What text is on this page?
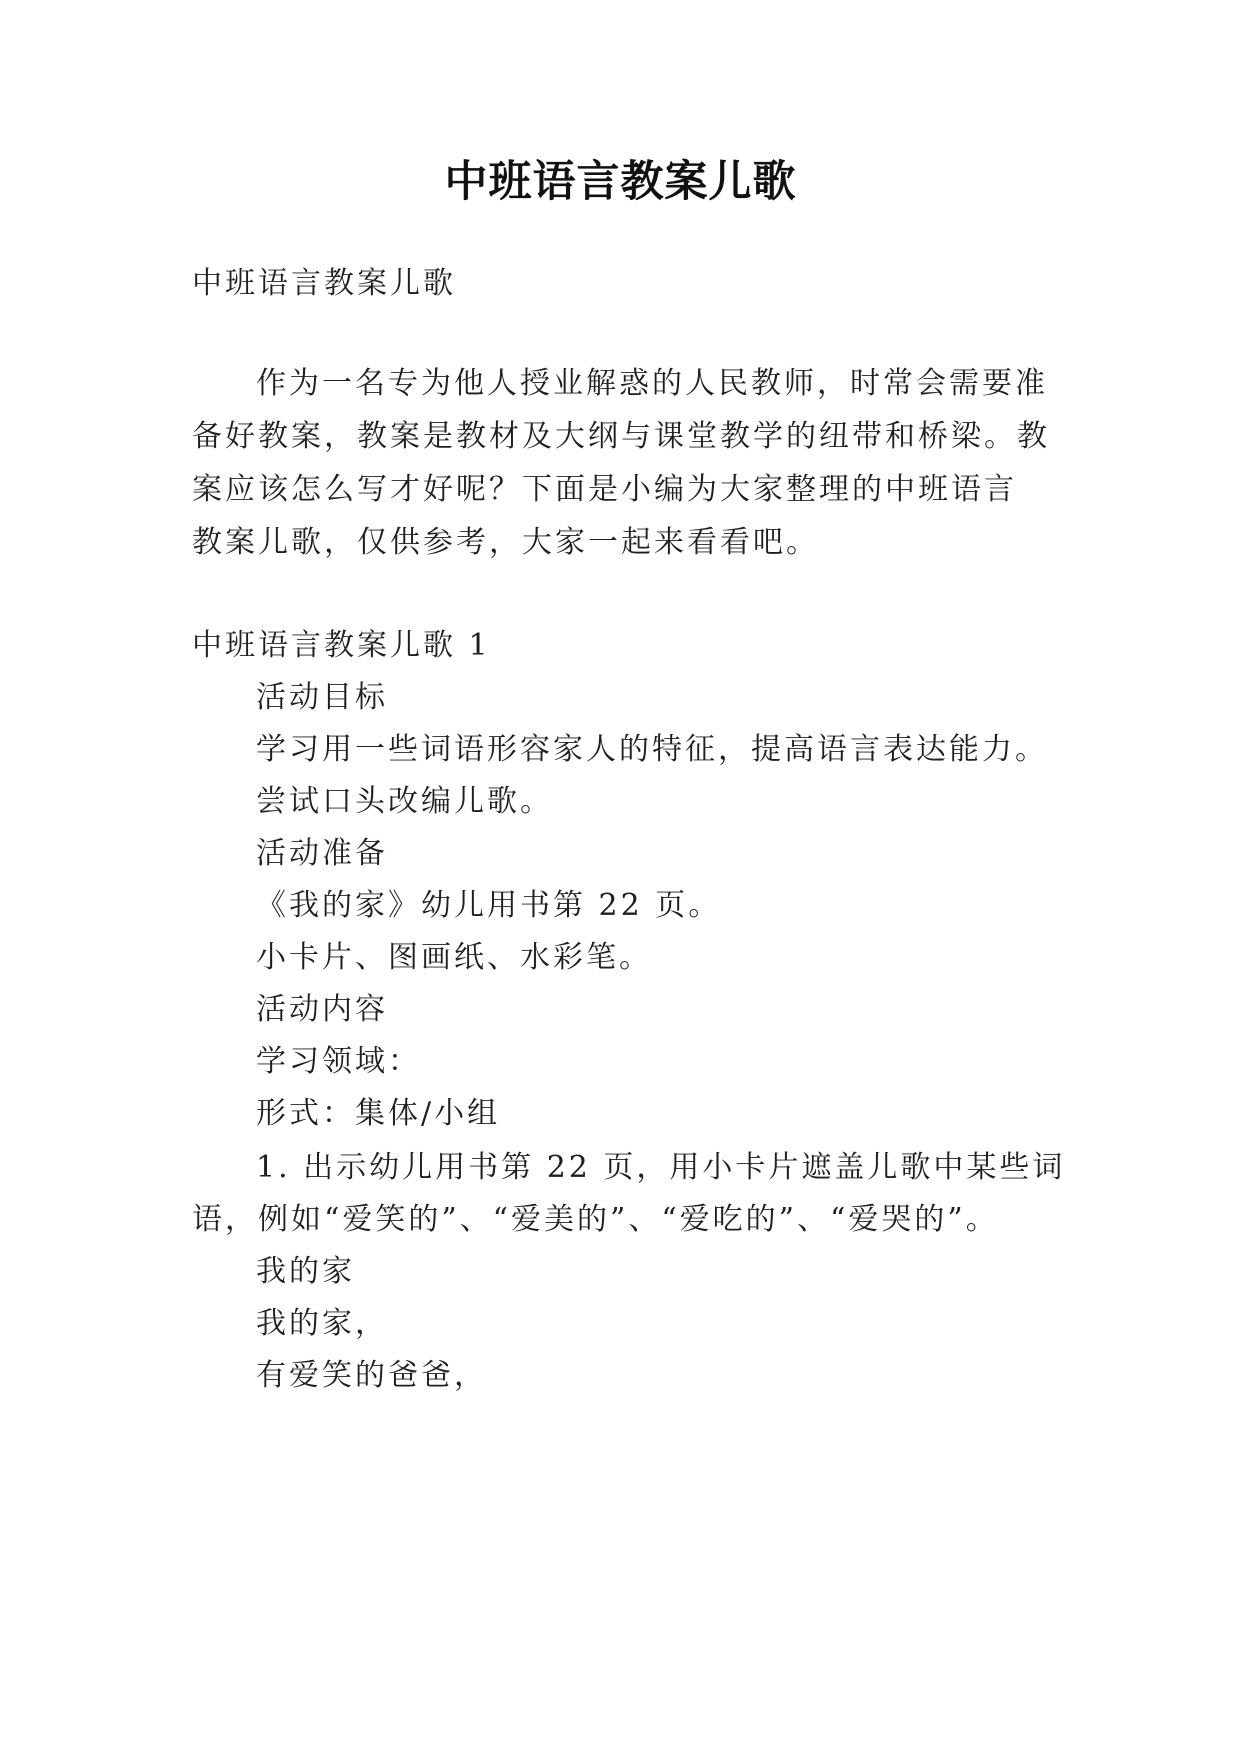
中班语言教案儿歌
中班语言教案儿歌
作为一名专为他人授业解惑的人民教师，时常会需要准
备好教案，教案是教材及大纲与课堂教学的纽带和桥梁。教
案应该怎么写才好呢？下面是小编为大家整理的中班语言
教案儿歌，仅供参考，大家一起来看看吧。
中班语言教案儿歌 1
活动目标
学习用一些词语形容家人的特征，提高语言表达能力。
尝试口头改编儿歌。
活动准备
《我的家》幼儿用书第 22 页。
小卡片、图画纸、水彩笔。
活动内容
学习领域：
形式：集体/小组
1. 出示幼儿用书第 22 页，用小卡片遮盖儿歌中某些词
语，例如“爱笑的”、“爱美的”、“爱吃的”、“爱哭的”。
我的家
我的家，
有爱笑的爸爸，
